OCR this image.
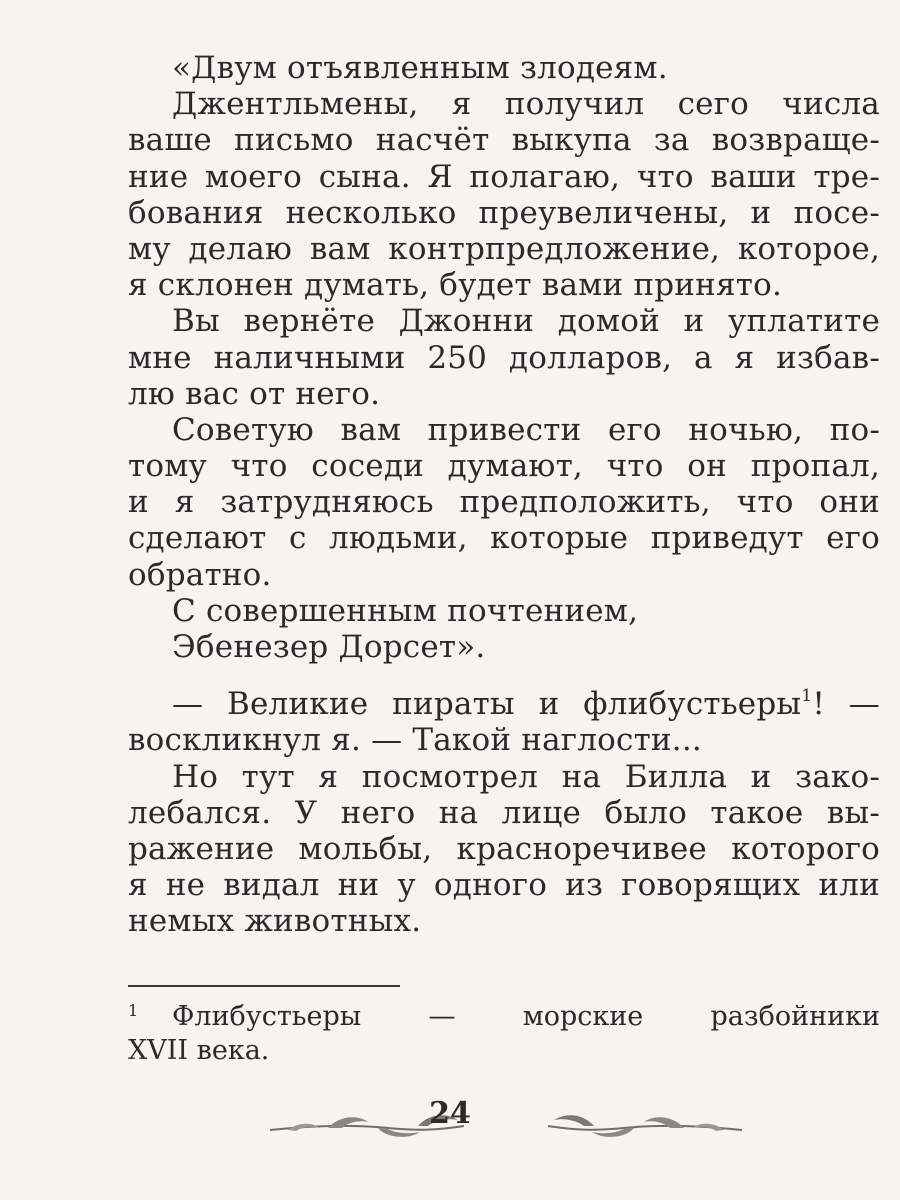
«Двум отъявленным злодеям.
Джентльмены, я получил сего числа
ваше письмо насчёт выкупа за возвраще-
ние моего сына. Я полагаю, что ваши тре-
бования несколько преувеличены, и посе-
му делаю вам контрпредложение, которое,
я склонен думать, будет вами принято.
Вы вернёте Джонни домой и уплатите
мне наличными 250 долларов, а я избав-
лю вас от него.
Советую вам привести его ночью, по-
тому что соседи думают, что он пропал,
и я затрудняюсь предположить, что они
сделают с людьми, которые приведут его
обратно.
С совершенным почтением,
Эбенезер Дорсет».
— Великие пираты и флибустьеры$^1$! —
воскликнул я. — Такой наглости...
Но тут я посмотрел на Билла и зако-
лебался. У него на лице было такое вы-
ражение мольбы, красноречивее которого
я не видал ни у одного из говорящих или
немых животных.
1 Флибустьеры — морские разбойники
XVII века.
24
